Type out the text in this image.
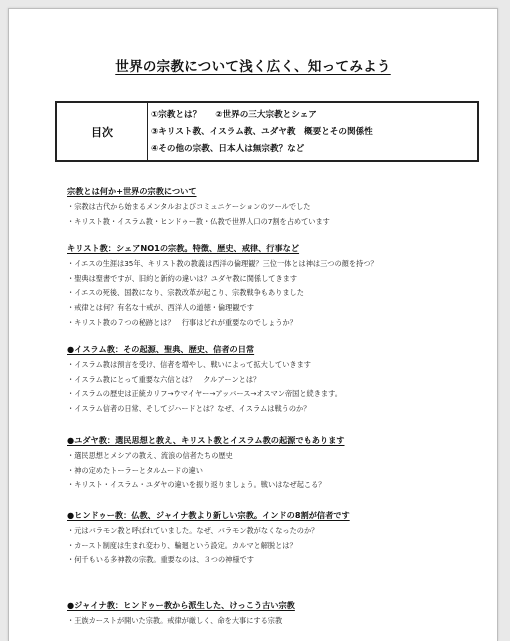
世界の宗教について浅く広く、知ってみよう
目次
①宗教とは？ ②世界の三大宗教とシェア
③キリスト教、イスラム教、ユダヤ教　概要とその関係性
④その他の宗教、日本人は無宗教？など
宗教とは何か+世界の宗教について
・ 宗教は古代から始まるメンタルおよびコミュニケーションのツールでした
・ キリスト教・イスラム教・ヒンドゥー教・仏教で世界人口の7割を占めています
キリスト教：シェアNO1の宗教。特徴、歴史、戒律、行事など
・ イエスの生涯は35年、キリスト教の教義は西洋の倫理観？三位一体とは神は三つの顔を持つ？
・ 聖典は聖書ですが、旧約と新約の違いは？ユダヤ教に関係してきます
・ イエスの死後、国教になり、宗教改革が起こり、宗教戦争もありました
・ 戒律とは何？有名な十戒が、西洋人の道徳・倫理観です
・ キリスト教の７つの秘跡とは？　行事はどれが重要なのでしょうか？
●イスラム教：その起源、聖典、歴史、信者の日常
・ イスラム教は預言を受け、信者を増やし、戦いによって拡大していきます
・ イスラム教にとって重要な六信とは？　クルアーンとは？
・ イスラムの歴史は正統カリフ→ウマイヤー→アッバース→オスマン帝国と続きます。
・ イスラム信者の日常、そしてジハードとは？なぜ、イスラムは戦うのか？
●ユダヤ教：選民思想と教え、キリスト教とイスラム教の起源でもあります
・ 選民思想とメシアの教え、流浪の信者たちの歴史
・ 神の定めたトーラーとタルムードの違い
・ キリスト・イスラム・ユダヤの違いを振り返りましょう。戦いはなぜ起こる？
●ヒンドゥー教：仏教、ジャイナ教より新しい宗教。インドの8割が信者です
・ 元はバラモン教と呼ばれていました。なぜ、バラモン教がなくなったのか？
・ カースト制度は生まれ変わり、輪廻という設定。カルマと解脱とは？
・ 何千もいる多神教の宗教。重要なのは、３つの神様です
●ジャイナ教：ヒンドゥー教から派生した、けっこう古い宗教
・ 王族カーストが開いた宗教。戒律が厳しく、命を大事にする宗教
